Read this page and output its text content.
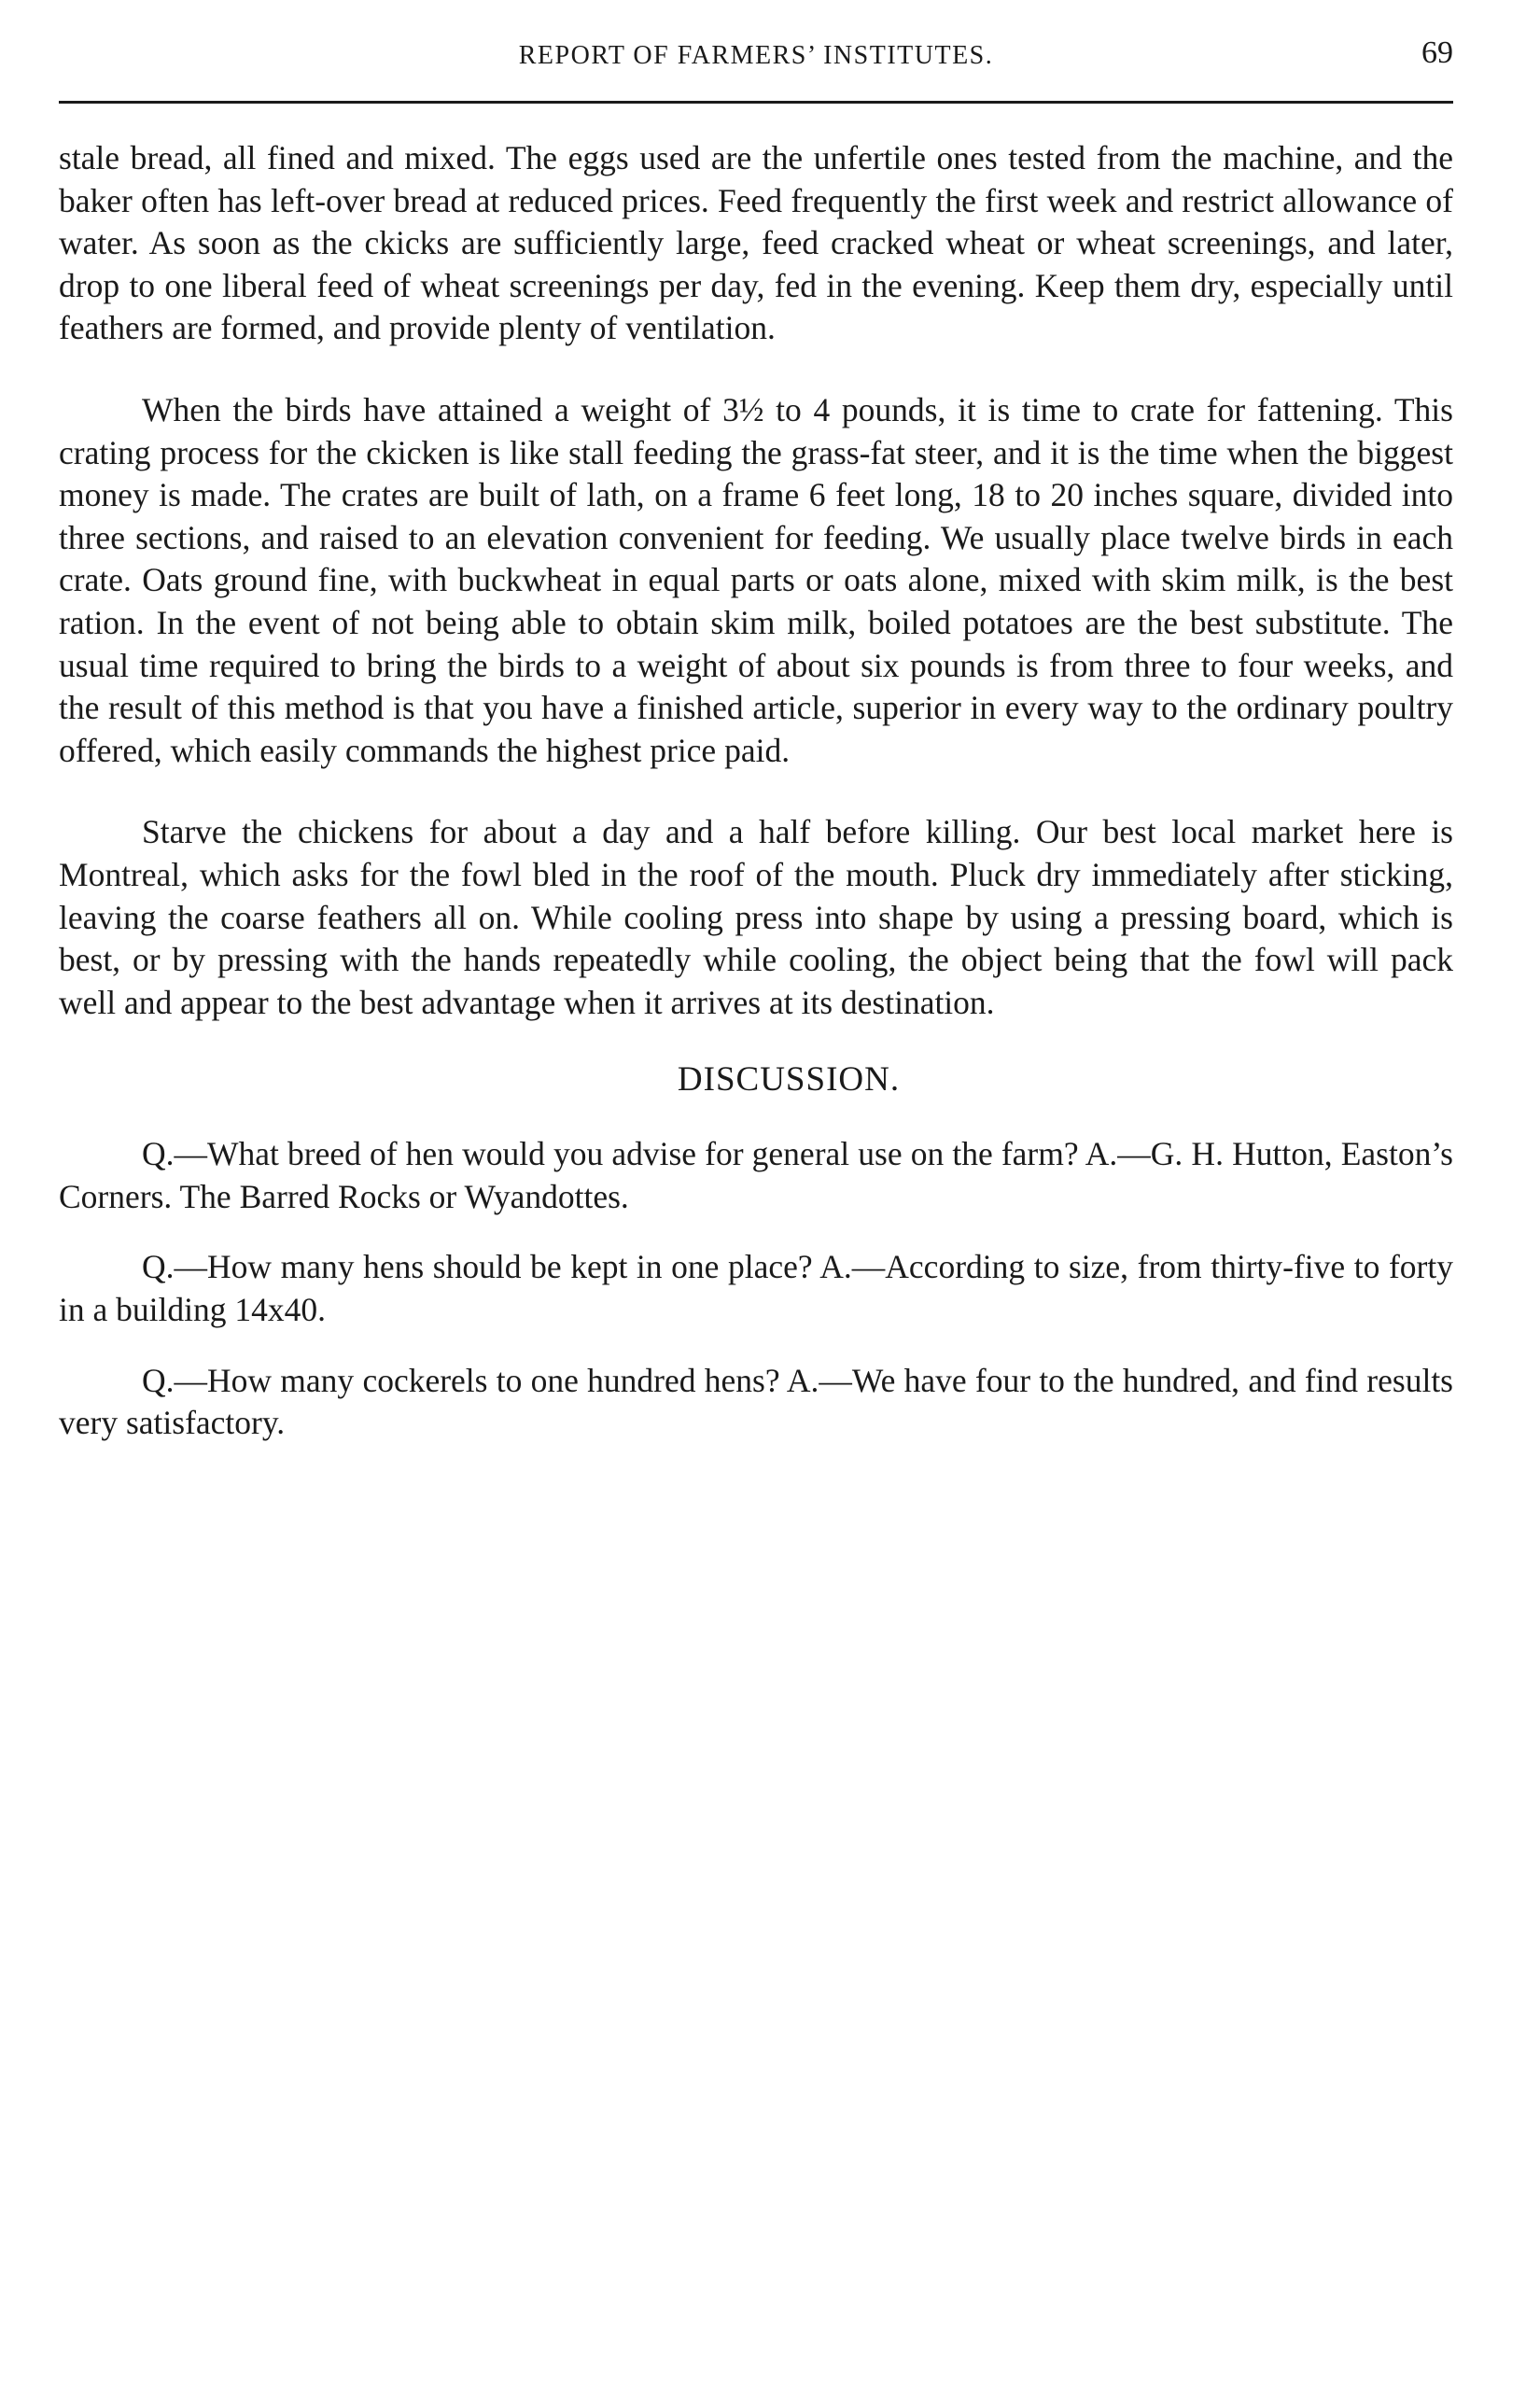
REPORT OF FARMERS’ INSTITUTES.	69

stale bread, all fined and mixed. The eggs used are the unfertile ones tested from the machine, and the baker often has left-over bread at reduced prices. Feed frequently the first week and restrict allowance of water. As soon as the ckicks are sufficiently large, feed cracked wheat or wheat screenings, and later, drop to one liberal feed of wheat screenings per day, fed in the evening. Keep them dry, especially until feathers are formed, and provide plenty of ventilation.

When the birds have attained a weight of 3½ to 4 pounds, it is time to crate for fattening. This crating process for the ckicken is like stall feeding the grass-fat steer, and it is the time when the biggest money is made. The crates are built of lath, on a frame 6 feet long, 18 to 20 inches square, divided into three sections, and raised to an elevation convenient for feeding. We usually place twelve birds in each crate. Oats ground fine, with buckwheat in equal parts or oats alone, mixed with skim milk, is the best ration. In the event of not being able to obtain skim milk, boiled potatoes are the best substitute. The usual time required to bring the birds to a weight of about six pounds is from three to four weeks, and the result of this method is that you have a finished article, superior in every way to the ordinary poultry offered, which easily commands the highest price paid.

Starve the chickens for about a day and a half before killing. Our best local market here is Montreal, which asks for the fowl bled in the roof of the mouth. Pluck dry immediately after sticking, leaving the coarse feathers all on. While cooling press into shape by using a pressing board, which is best, or by pressing with the hands repeatedly while cooling, the object being that the fowl will pack well and appear to the best advantage when it arrives at its destination.

DISCUSSION.

Q.—What breed of hen would you advise for general use on the farm? A.—G. H. Hutton, Easton’s Corners. The Barred Rocks or Wyandottes.

Q.—How many hens should be kept in one place? A.—According to size, from thirty-five to forty in a building 14x40.

Q.—How many cockerels to one hundred hens? A.—We have four to the hundred, and find results very satisfactory.
